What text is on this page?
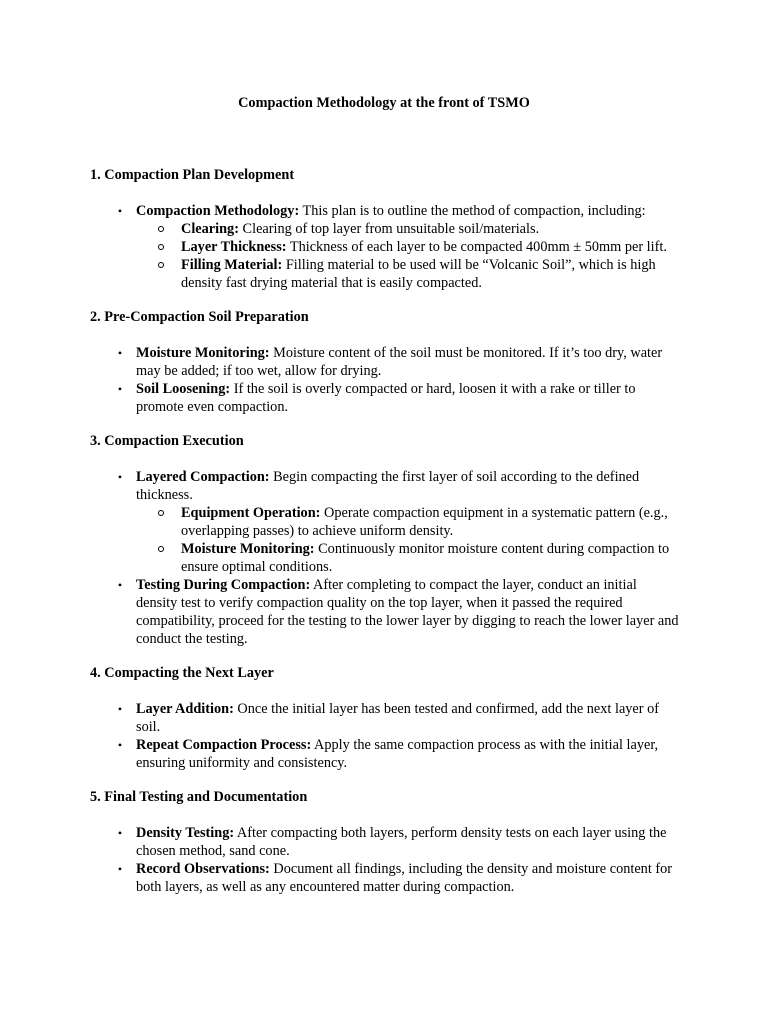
Compaction Methodology at the front of TSMO
1. Compaction Plan Development
• Compaction Methodology: This plan is to outline the method of compaction, including:
Clearing: Clearing of top layer from unsuitable soil/materials.
Layer Thickness: Thickness of each layer to be compacted 400mm ± 50mm per lift.
Filling Material: Filling material to be used will be “Volcanic Soil”, which is high density fast drying material that is easily compacted.
2. Pre-Compaction Soil Preparation
• Moisture Monitoring: Moisture content of the soil must be monitored. If it’s too dry, water may be added; if too wet, allow for drying.
• Soil Loosening: If the soil is overly compacted or hard, loosen it with a rake or tiller to promote even compaction.
3. Compaction Execution
• Layered Compaction: Begin compacting the first layer of soil according to the defined thickness.
Equipment Operation: Operate compaction equipment in a systematic pattern (e.g., overlapping passes) to achieve uniform density.
Moisture Monitoring: Continuously monitor moisture content during compaction to ensure optimal conditions.
• Testing During Compaction: After completing to compact the layer, conduct an initial density test to verify compaction quality on the top layer, when it passed the required compatibility, proceed for the testing to the lower layer by digging to reach the lower layer and conduct the testing.
4. Compacting the Next Layer
• Layer Addition: Once the initial layer has been tested and confirmed, add the next layer of soil.
• Repeat Compaction Process: Apply the same compaction process as with the initial layer, ensuring uniformity and consistency.
5. Final Testing and Documentation
• Density Testing: After compacting both layers, perform density tests on each layer using the chosen method, sand cone.
• Record Observations: Document all findings, including the density and moisture content for both layers, as well as any encountered matter during compaction.
